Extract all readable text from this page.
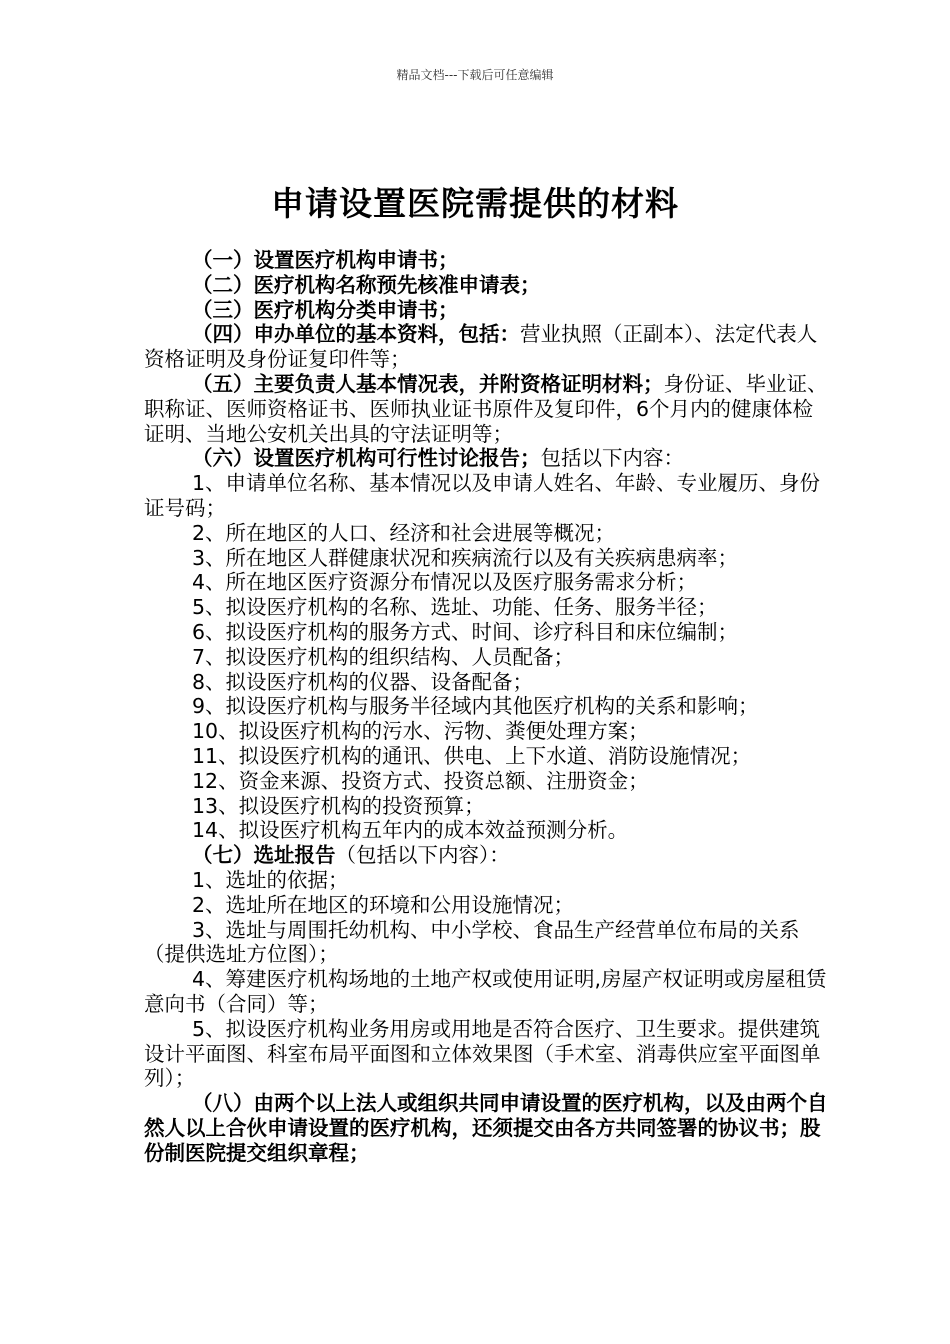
精品文档---下载后可任意编辑
申请设置医院需提供的材料

（一）设置医疗机构申请书；

（二）医疗机构名称预先核准申请表；

（三）医疗机构分类申请书；

（四）申办单位的基本资料，包括：营业执照（正副本）、法定代表人资格证明及身份证复印件等；

（五）主要负责人基本情况表，并附资格证明材料；身份证、毕业证、职称证、医师资格证书、医师执业证书原件及复印件，6个月内的健康体检证明、当地公安机关出具的守法证明等；

（六）设置医疗机构可行性讨论报告；包括以下内容：

1、申请单位名称、基本情况以及申请人姓名、年龄、专业履历、身份证号码；

2、所在地区的人口、经济和社会进展等概况；

3、所在地区人群健康状况和疾病流行以及有关疾病患病率；

4、所在地区医疗资源分布情况以及医疗服务需求分析；

5、拟设医疗机构的名称、选址、功能、任务、服务半径；

6、拟设医疗机构的服务方式、时间、诊疗科目和床位编制；

7、拟设医疗机构的组织结构、人员配备；

8、拟设医疗机构的仪器、设备配备；

9、拟设医疗机构与服务半径域内其他医疗机构的关系和影响；

10、拟设医疗机构的污水、污物、粪便处理方案；

11、拟设医疗机构的通讯、供电、上下水道、消防设施情况；

12、资金来源、投资方式、投资总额、注册资金；

13、拟设医疗机构的投资预算；

14、拟设医疗机构五年内的成本效益预测分析。

（七）选址报告（包括以下内容）：

1、选址的依据；

2、选址所在地区的环境和公用设施情况；

3、选址与周围托幼机构、中小学校、食品生产经营单位布局的关系（提供选址方位图）；

4、筹建医疗机构场地的土地产权或使用证明,房屋产权证明或房屋租赁意向书（合同）等；

5、拟设医疗机构业务用房或用地是否符合医疗、卫生要求。提供建筑设计平面图、科室布局平面图和立体效果图（手术室、消毒供应室平面图单列）；

（八）由两个以上法人或组织共同申请设置的医疗机构，以及由两个自然人以上合伙申请设置的医疗机构，还须提交由各方共同签署的协议书；股份制医院提交组织章程；
